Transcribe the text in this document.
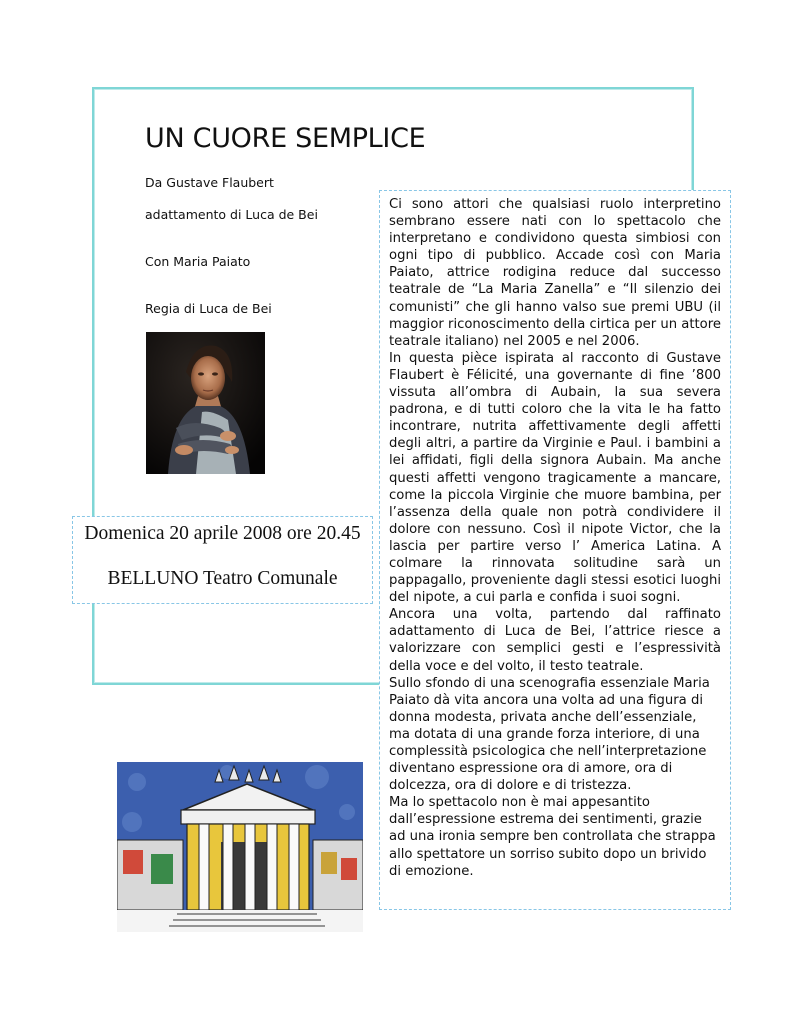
UN CUORE SEMPLICE
Da Gustave Flaubert
adattamento di Luca de Bei
Con Maria Paiato
Regia di Luca de Bei
Domenica 20 aprile 2008 ore 20.45
BELLUNO Teatro Comunale

Ci sono attori che qualsiasi ruolo interpretino sembrano essere nati con lo spettacolo che interpretano e condividono questa simbiosi con ogni tipo di pubblico. Accade così con Maria Paiato, attrice rodigina reduce dal successo teatrale de “La Maria Zanella” e “Il silenzio dei comunisti” che gli hanno valso sue premi UBU (il maggior riconoscimento della cirtica per un attore teatrale italiano) nel 2005 e nel 2006.

In questa pièce ispirata al racconto di Gustave Flaubert è Félicité, una governante di fine ’800 vissuta all’ombra di Aubain, la sua severa padrona, e di tutti coloro che la vita le ha fatto incontrare, nutrita affettivamente degli affetti degli altri, a partire da Virginie e Paul. i bambini a lei affidati, figli della signora Aubain. Ma anche questi affetti vengono tragicamente a mancare, come la piccola Virginie che muore bambina, per l’assenza della quale non potrà condividere il dolore con nessuno. Così il nipote Victor, che la lascia per partire verso l’ America Latina. A colmare la rinnovata solitudine sarà un pappagallo, proveniente dagli stessi esotici luoghi del nipote, a cui parla e confida i suoi sogni.

Ancora una volta, partendo dal raffinato adattamento di Luca de Bei, l’attrice riesce a valorizzare con semplici gesti e l’espressività della voce e del volto, il testo teatrale.

Sullo sfondo di una scenografia essenziale Maria Paiato dà vita ancora una volta ad una figura di donna modesta, privata anche dell’essenziale, ma dotata di una grande forza interiore, di una complessità psicologica che nell’interpretazione diventano espressione ora di amore, ora di dolcezza, ora di dolore e di tristezza.

Ma lo spettacolo non è mai appesantito dall’espressione estrema dei sentimenti, grazie ad una ironia sempre ben controllata che strappa allo spettatore un sorriso subito dopo un brivido di emozione.
